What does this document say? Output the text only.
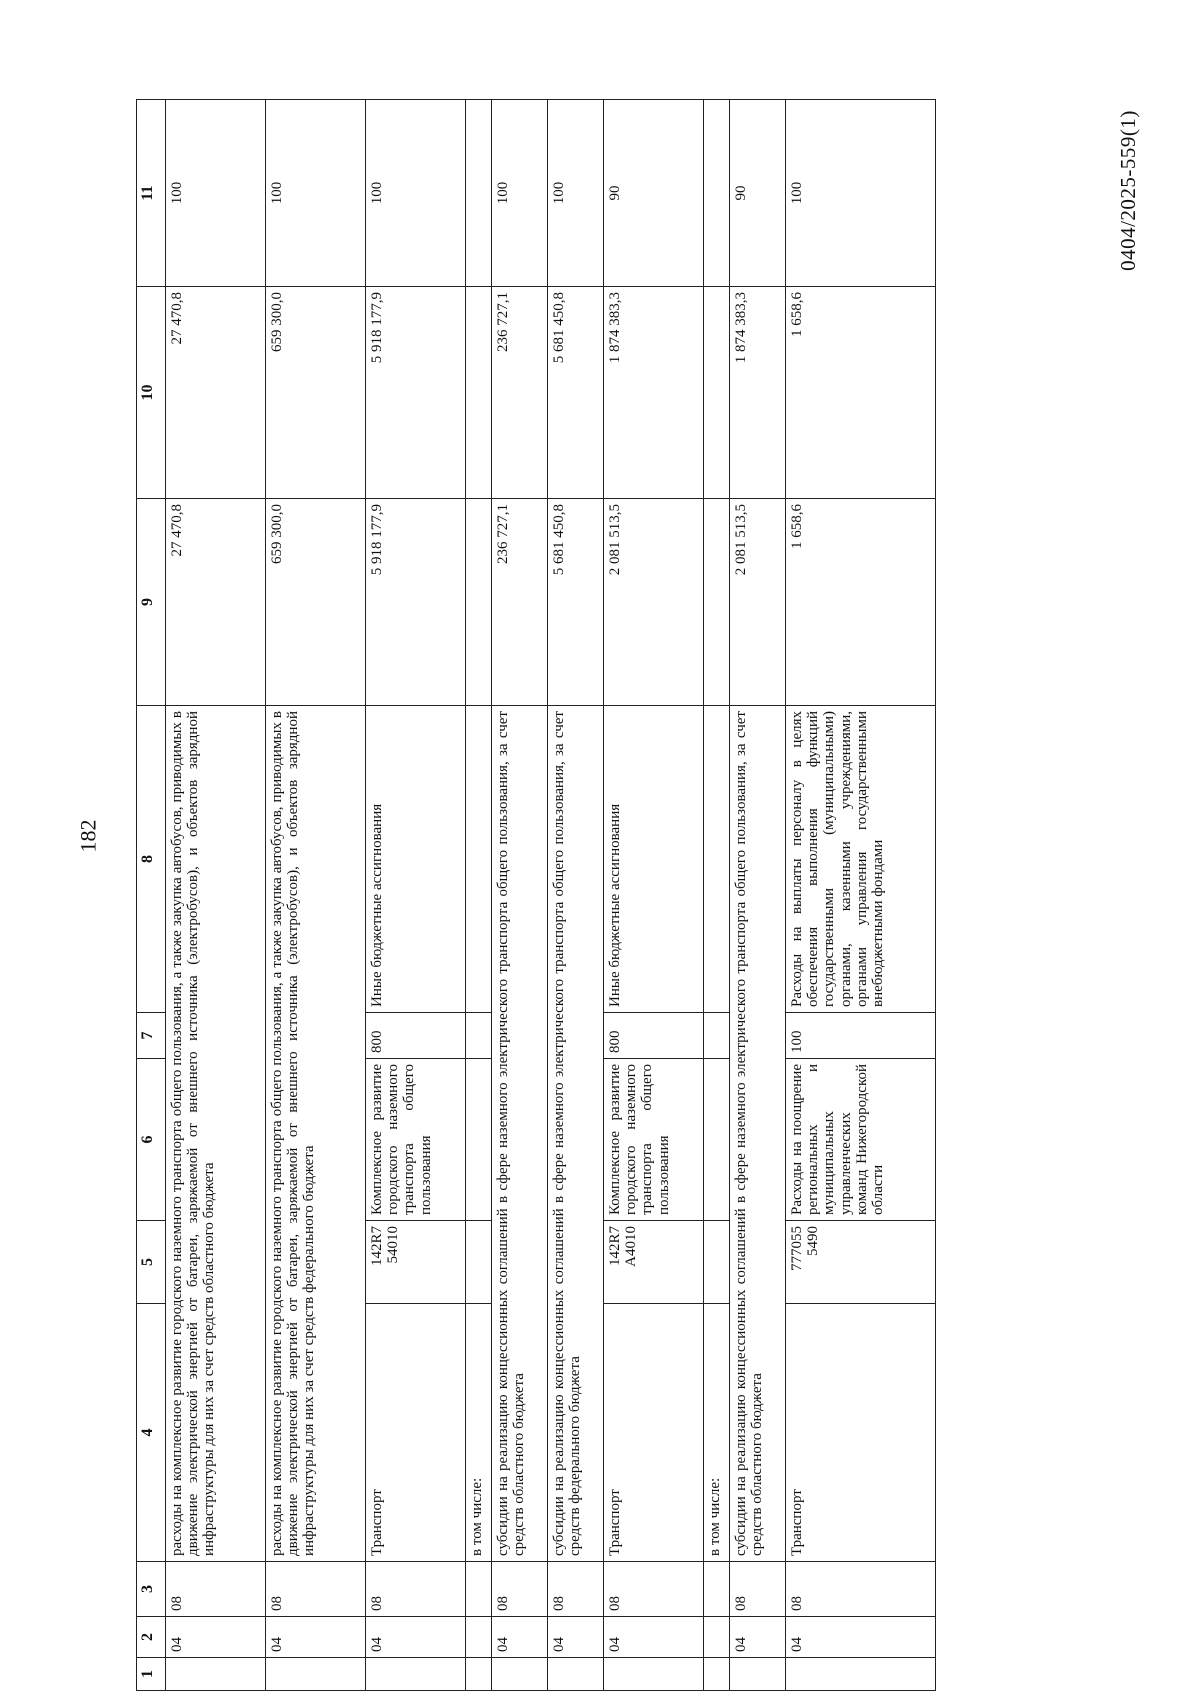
182
0404/2025-559(1)
1	2	3	4	5	6	7	8	9	10	11
	04	08	расходы на комплексное развитие городского наземного транспорта общего пользования, а также закупка автобусов, приводимых в движение электрической энергией от батареи, заряжаемой от внешнего источника (электробусов), и объектов зарядной инфраструктуры для них за счет средств областного бюджета					27 470,8	27 470,8	100
	04	08	расходы на комплексное развитие городского наземного транспорта общего пользования, а также закупка автобусов, приводимых в движение электрической энергией от батареи, заряжаемой от внешнего источника (электробусов), и объектов зарядной инфраструктуры для них за счет средств федерального бюджета					659 300,0	659 300,0	100
	04	08	Транспорт	142R7 54010	Комплексное развитие городского наземного транспорта общего пользования	800	Иные бюджетные ассигнования	5 918 177,9	5 918 177,9	100
			в том числе:							
	04	08	субсидии на реализацию концессионных соглашений в сфере наземного электрического транспорта общего пользования, за счет средств областного бюджета					236 727,1	236 727,1	100
	04	08	субсидии на реализацию концессионных соглашений в сфере наземного электрического транспорта общего пользования, за счет средств федерального бюджета					5 681 450,8	5 681 450,8	100
	04	08	Транспорт	142R7 A4010	Комплексное развитие городского наземного транспорта общего пользования	800	Иные бюджетные ассигнования	2 081 513,5	1 874 383,3	90
			в том числе:							
	04	08	субсидии на реализацию концессионных соглашений в сфере наземного электрического транспорта общего пользования, за счет средств областного бюджета					2 081 513,5	1 874 383,3	90
	04	08	Транспорт	777055 5490	Расходы на поощрение региональных и муниципальных управленческих команд Нижегородской области	100	Расходы на выплаты персоналу в целях обеспечения выполнения функций государственными (муниципальными) органами, казенными учреждениями, органами управления государственными внебюджетными фондами	1 658,6	1 658,6	100
